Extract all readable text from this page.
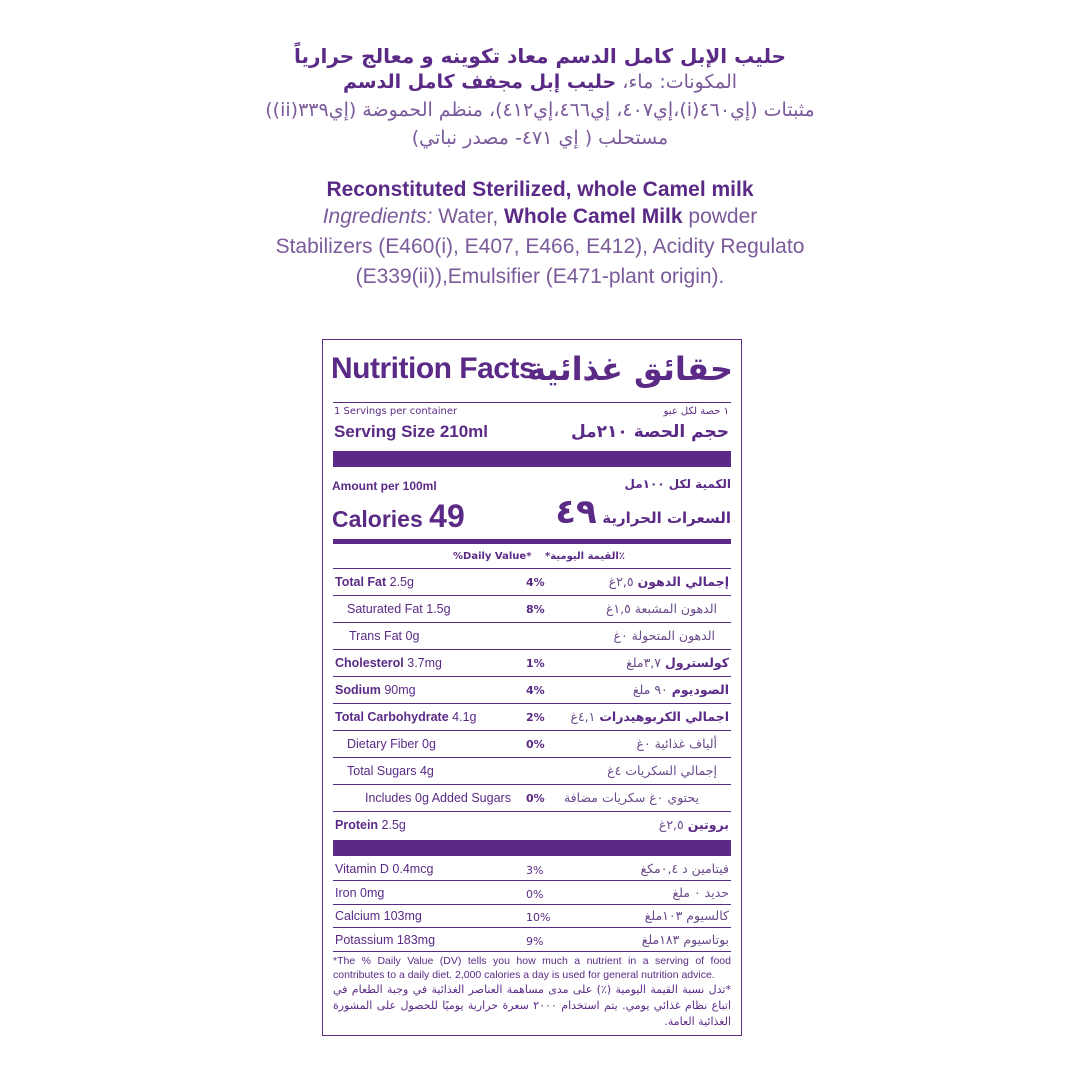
حليب الإبل كامل الدسم معاد تكوينه و معالج حرارياً
المكونات: ماء، حليب إبل مجفف كامل الدسم
مثبتات (إي٤٦٠(i)،إي٤٠٧، إي٤٦٦،إي٤١٢)، منظم الحموضة (إي٣٣٩(ii))
مستحلب ( إي ٤٧١- مصدر نباتي)
Reconstituted Sterilized, whole Camel milk
Ingredients: Water, Whole Camel Milk powder
Stabilizers (E460(i), E407, E466, E412), Acidity Regulato
(E339(ii)),Emulsifier (E471-plant origin).
Nutrition Facts
حقائق غذائية
1 Servings per container	١ حصة لكل عبو
Serving Size 210ml	حجم الحصة ٢١٠مل
Amount per 100ml	الكمية لكل ١٠٠مل
Calories 49	السعرات الحرارية ٤٩
%Daily Value* ٪القيمة اليومية*
Total Fat 2.5g	4%	إجمالي الدهون ٢,٥غ
Saturated Fat 1.5g	8%	الدهون المشبعة ١,٥غ
Trans Fat 0g	الدهون المتحولة ٠غ
Cholesterol 3.7mg	1%	كولسترول ٣,٧ملغ
Sodium 90mg	4%	الصوديوم ٩٠ ملغ
Total Carbohydrate 4.1g	2%	اجمالي الكربوهيدرات ٤,١غ
Dietary Fiber 0g	0%	ألياف غذائية ٠غ
Total Sugars 4g	إجمالي السكريات ٤غ
Includes 0g Added Sugars 0% يحتوي ٠غ سكريات مضافة
Protein 2.5g	بروتين ٢,٥غ
Vitamin D 0.4mcg	3%	فيتامين د ٠,٤مكغ
Iron 0mg	0%	حديد ٠ ملغ
Calcium 103mg	10%	كالسيوم ١٠٣ملغ
Potassium 183mg	9%	بوتاسيوم ١٨٣ملغ
*The % Daily Value (DV) tells you how much a nutrient in a serving of food contributes to a daily diet. 2,000 calories a day is used for general nutrition advice.
*تدل نسبة القيمة اليومية (٪) على مدى مساهمة العناصر الغذائية في وجبة الطعام في اتباع نظام غذائي يومي. يتم استخدام ٢٠٠٠ سعرة حرارية يوميًا للحصول على المشورة الغذائية العامة.
